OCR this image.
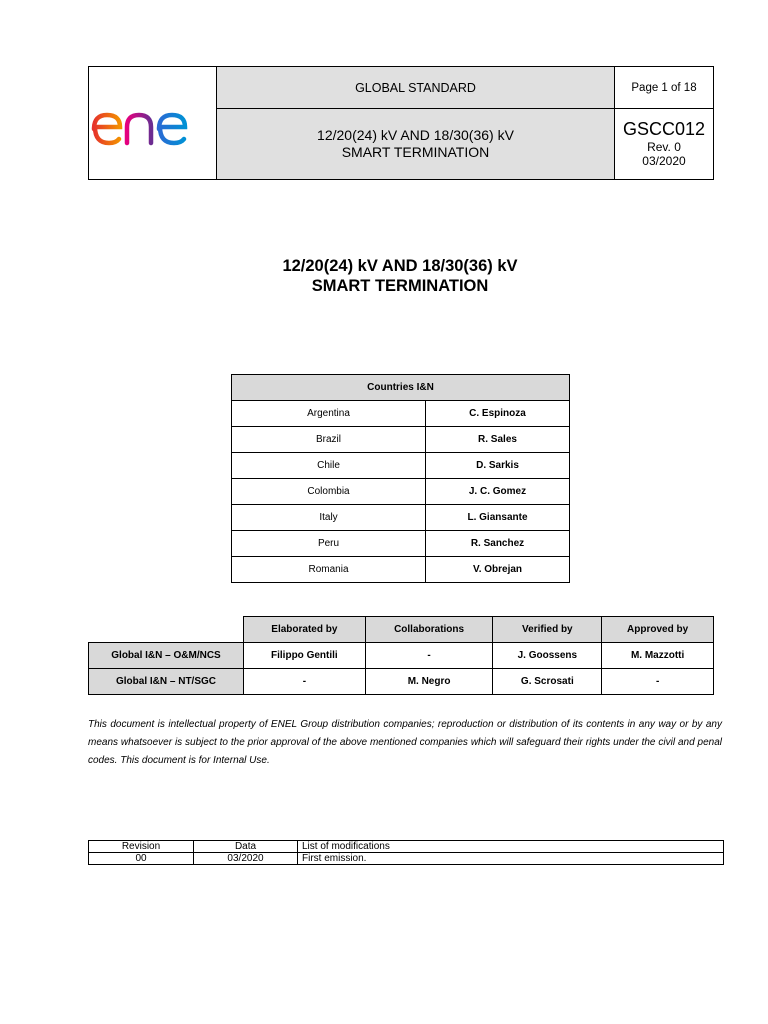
GLOBAL STANDARD
12/20(24) kV AND 18/30(36) kV
SMART TERMINATION
Page 1 of 18
GSCC012
Rev. 0
03/2020
12/20(24) kV AND 18/30(36) kV
SMART TERMINATION
Countries I&N	
Argentina	C. Espinoza
Brazil	R. Sales
Chile	D. Sarkis
Colombia	J. C. Gomez
Italy	L. Giansante
Peru	R. Sanchez
Romania	V. Obrejan
	Elaborated by	Collaborations	Verified by	Approved by
Global I&N – O&M/NCS	Filippo Gentili	-	J. Goossens	M. Mazzotti
Global I&N – NT/SGC	-	M. Negro	G. Scrosati	-
This document is intellectual property of ENEL Group distribution companies; reproduction or distribution of its contents in any way or by any means whatsoever is subject to the prior approval of the above mentioned companies which will safeguard their rights under the civil and penal codes. This document is for Internal Use.
Revision	Data	List of modifications
00	03/2020	First emission.
